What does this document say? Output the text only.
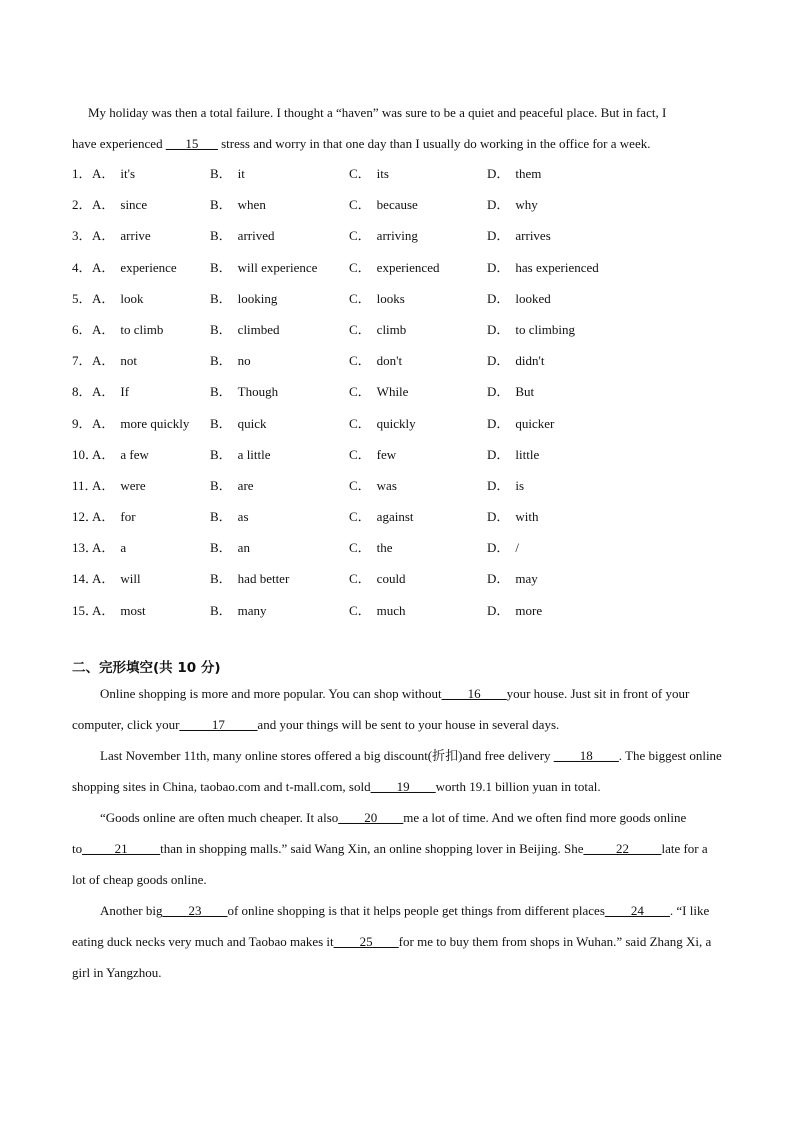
My holiday was then a total failure. I thought a “haven” was sure to be a quiet and peaceful place. But in fact, I
have experienced ___15___ stress and worry in that one day than I usually do working in the office for a week.
1． A． it's	B． it	C． its	D． them
2． A． since	B． when	C． because	D． why
3． A． arrive	B． arrived	C． arriving	D． arrives
4． A． experience	B． will experience C． experienced	D． has experienced
5． A． look	B． looking	C． looks	D． looked
6． A． to climb	B． climbed	C． climb	D． to climbing
7． A． not	B． no	C． don't	D． didn't
8． A． If	B． Though	C． While	D． But
9． A． more quickly B． quick	C． quickly	D． quicker
10．
A． a few	B． a little	C． few	D． little
11．
A． were	B． are	C． was	D． is
12．
A． for	B． as	C． against	D． with
13．
A． a	B． an	C． the	D． /
14．
A． will	B． had better	C． could	D． may
15．
A． most	B． many	C． much	D． more
二、完形填空(共 10 分)

Online shopping is more and more popular. You can shop without____16____your house. Just sit in front of your computer, click your_____17_____and your things will be sent to your house in several days.

Last November 11th, many online stores offered a big discount(折扣)and free delivery ____18____. The biggest online shopping sites in China, taobao.com and t-mall.com, sold____19____worth 19.1 billion yuan in total.

“Goods online are often much cheaper. It also____20____me a lot of time. And we often find more goods online to_____21_____than in shopping malls.” said Wang Xin, an online shopping lover in Beijing. She_____22_____late for a lot of cheap goods online.

Another big____23____of online shopping is that it helps people get things from different places____24____. “I like eating duck necks very much and Taobao makes it____25____for me to buy them from shops in Wuhan.” said Zhang Xi, a girl in Yangzhou.
